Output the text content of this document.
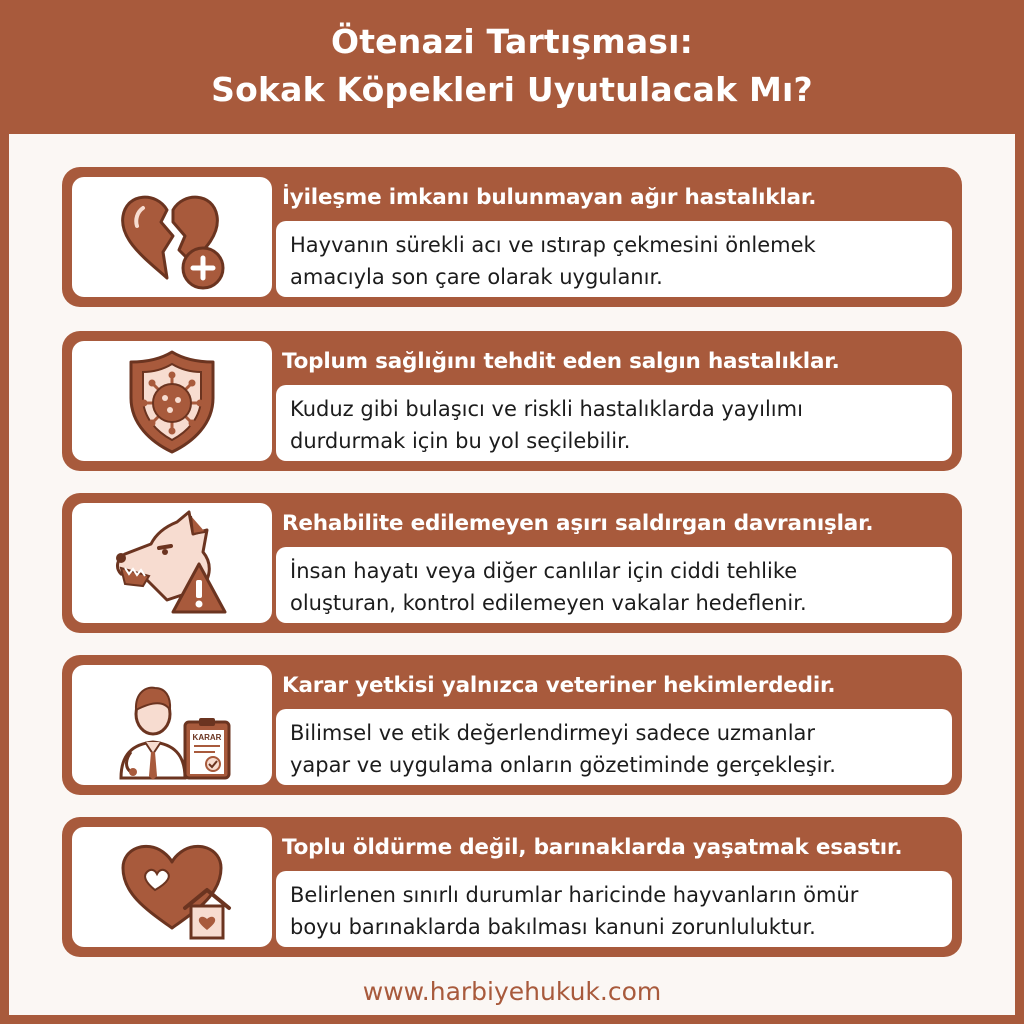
Ötenazi Tartışması:
Sokak Köpekleri Uyutulacak Mı?
İyileşme imkanı bulunmayan ağır hastalıklar.
Hayvanın sürekli acı ve ıstırap çekmesini önlemek
amacıyla son çare olarak uygulanır.
Toplum sağlığını tehdit eden salgın hastalıklar.
Kuduz gibi bulaşıcı ve riskli hastalıklarda yayılımı
durdurmak için bu yol seçilebilir.
Rehabilite edilemeyen aşırı saldırgan davranışlar.
İnsan hayatı veya diğer canlılar için ciddi tehlike
oluşturan, kontrol edilemeyen vakalar hedeflenir.
KARAR
Karar yetkisi yalnızca veteriner hekimlerdedir.
Bilimsel ve etik değerlendirmeyi sadece uzmanlar
yapar ve uygulama onların gözetiminde gerçekleşir.
Toplu öldürme değil, barınaklarda yaşatmak esastır.
Belirlenen sınırlı durumlar haricinde hayvanların ömür
boyu barınaklarda bakılması kanuni zorunluluktur.
www.harbiyehukuk.com
